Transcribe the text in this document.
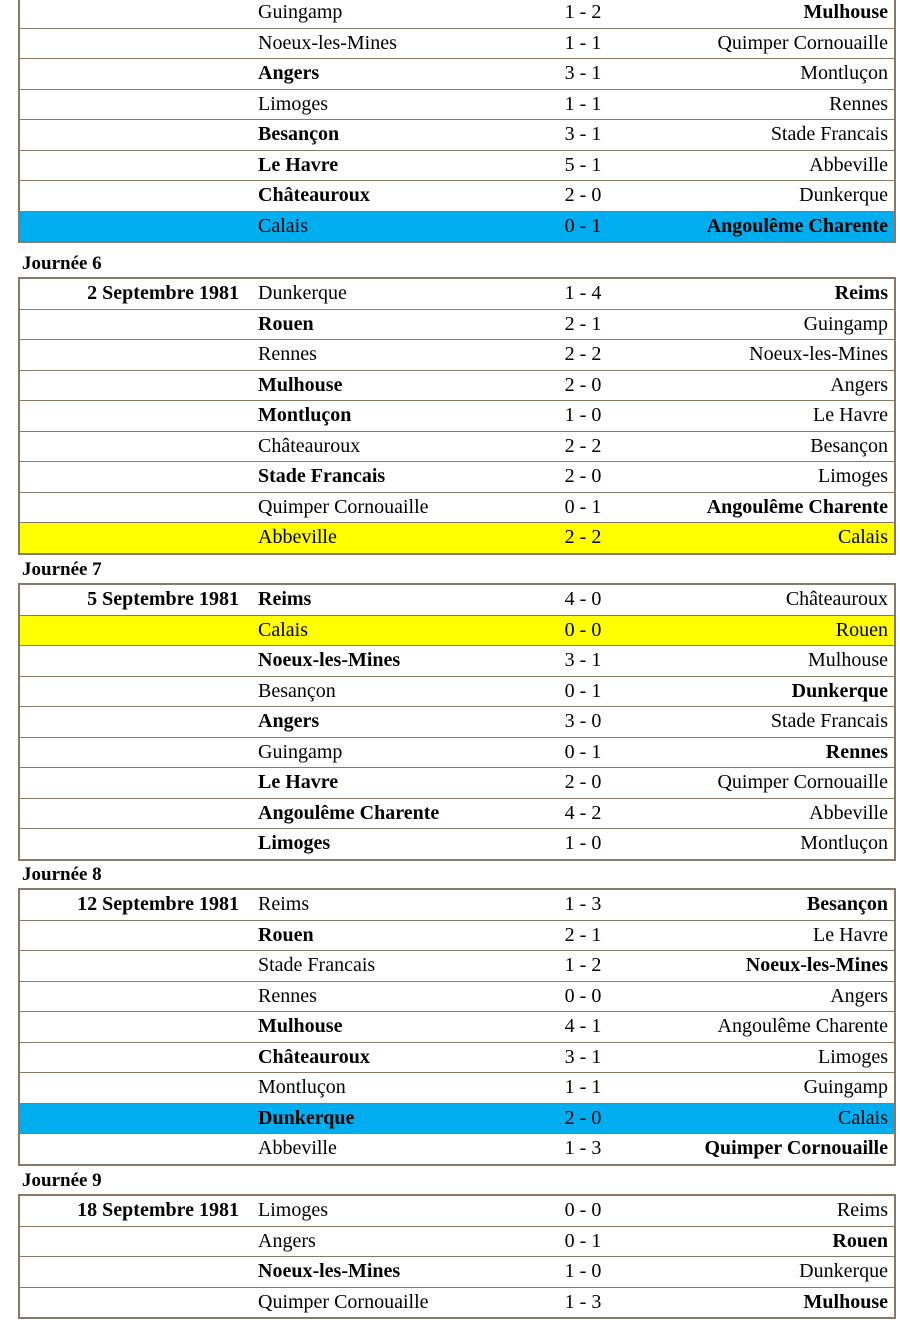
	Guingamp	1 - 2	Mulhouse
	Noeux-les-Mines	1 - 1	Quimper Cornouaille
	Angers	3 - 1	Montluçon
	Limoges	1 - 1	Rennes
	Besançon	3 - 1	Stade Francais
	Le Havre	5 - 1	Abbeville
	Châteauroux	2 - 0	Dunkerque
	Calais	0 - 1	Angoulême Charente
Journée 6
2 Septembre 1981	Dunkerque	1 - 4	Reims
	Rouen	2 - 1	Guingamp
	Rennes	2 - 2	Noeux-les-Mines
	Mulhouse	2 - 0	Angers
	Montluçon	1 - 0	Le Havre
	Châteauroux	2 - 2	Besançon
	Stade Francais	2 - 0	Limoges
	Quimper Cornouaille	0 - 1	Angoulême Charente
	Abbeville	2 - 2	Calais
Journée 7
5 Septembre 1981	Reims	4 - 0	Châteauroux
	Calais	0 - 0	Rouen
	Noeux-les-Mines	3 - 1	Mulhouse
	Besançon	0 - 1	Dunkerque
	Angers	3 - 0	Stade Francais
	Guingamp	0 - 1	Rennes
	Le Havre	2 - 0	Quimper Cornouaille
	Angoulême Charente	4 - 2	Abbeville
	Limoges	1 - 0	Montluçon
Journée 8
12 Septembre 1981	Reims	1 - 3	Besançon
	Rouen	2 - 1	Le Havre
	Stade Francais	1 - 2	Noeux-les-Mines
	Rennes	0 - 0	Angers
	Mulhouse	4 - 1	Angoulême Charente
	Châteauroux	3 - 1	Limoges
	Montluçon	1 - 1	Guingamp
	Dunkerque	2 - 0	Calais
	Abbeville	1 - 3	Quimper Cornouaille
Journée 9
18 Septembre 1981	Limoges	0 - 0	Reims
	Angers	0 - 1	Rouen
	Noeux-les-Mines	1 - 0	Dunkerque
	Quimper Cornouaille	1 - 3	Mulhouse
